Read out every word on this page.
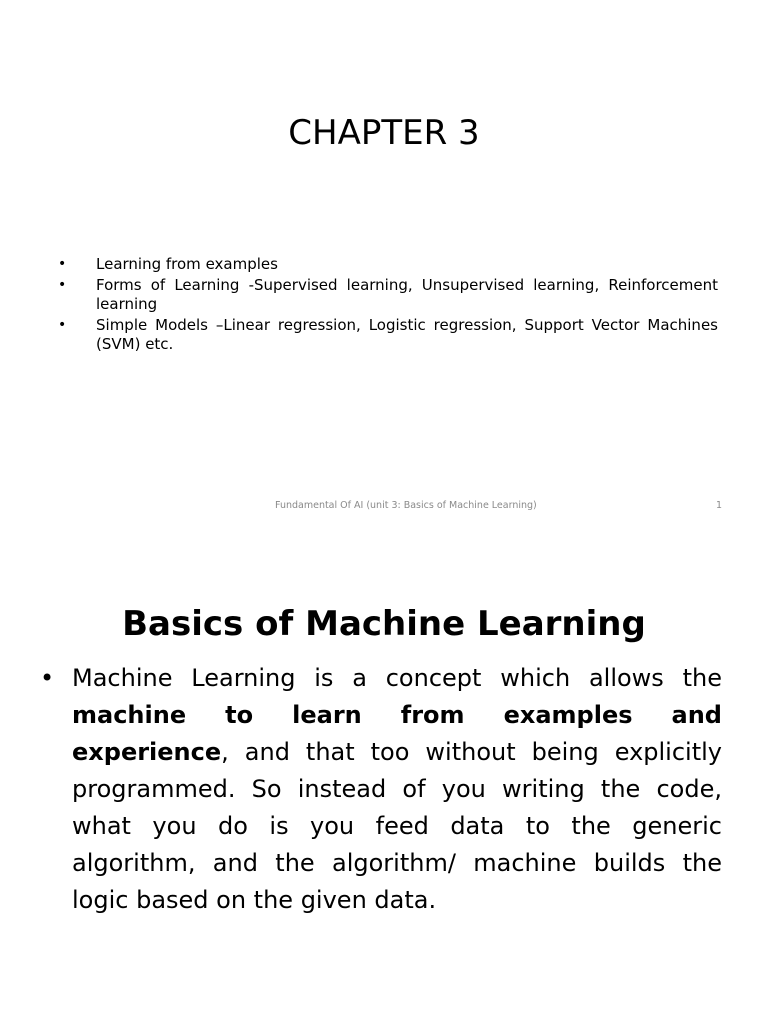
CHAPTER 3
• Learning from examples
• Forms of Learning -Supervised learning, Unsupervised learning, Reinforcement learning
• Simple Models –Linear regression, Logistic regression, Support Vector Machines (SVM) etc.
Fundamental Of AI (unit 3: Basics of Machine Learning)	1
Basics of Machine Learning
• Machine Learning is a concept which allows the machine to learn from examples and experience, and that too without being explicitly programmed. So instead of you writing the code, what you do is you feed data to the generic algorithm, and the algorithm/ machine builds the logic based on the given data.
